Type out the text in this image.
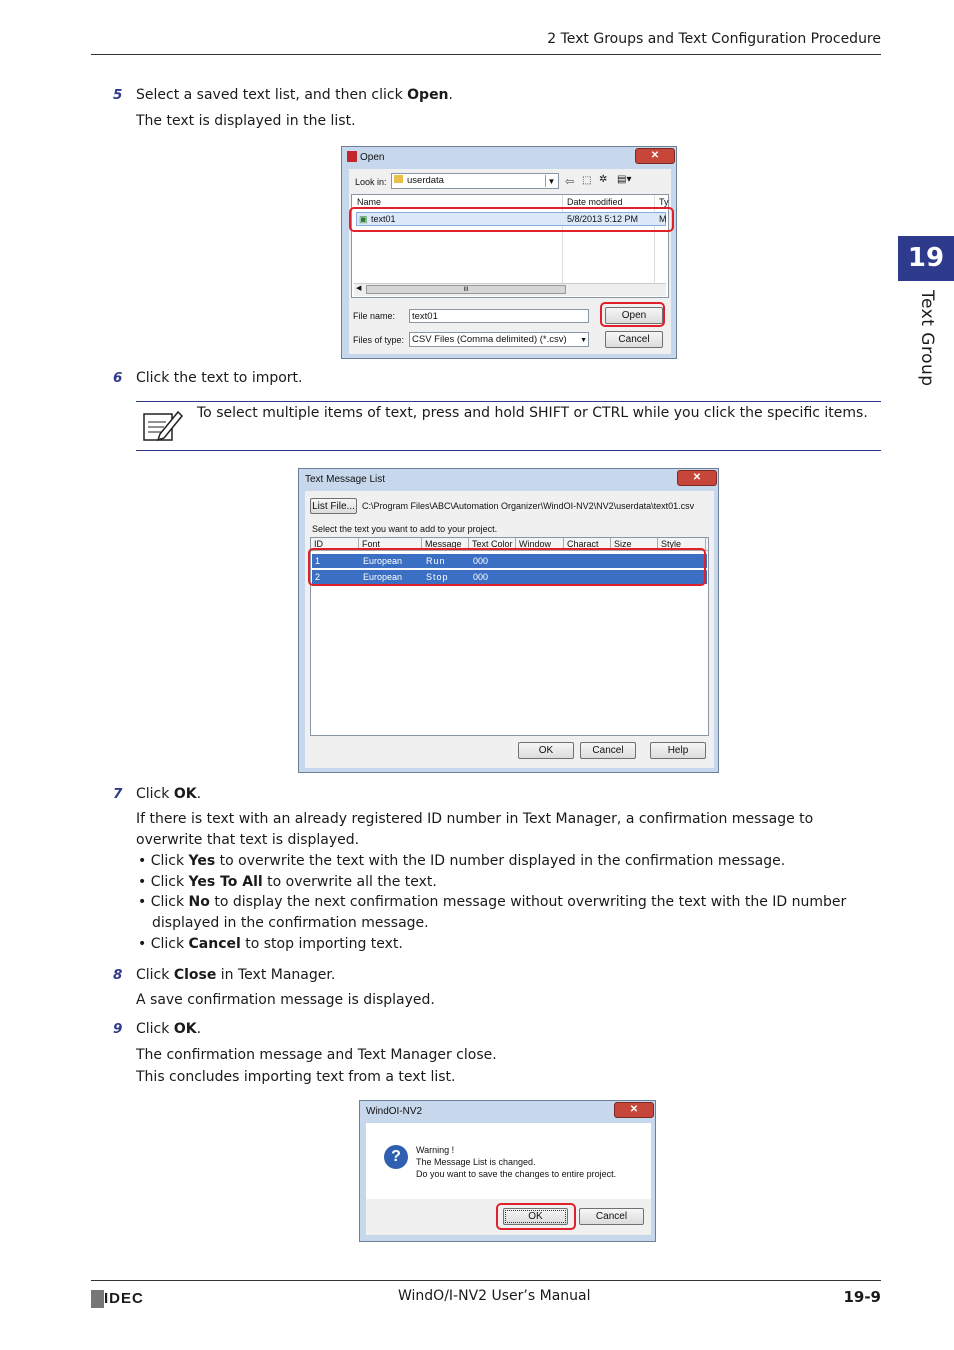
2 Text Groups and Text Configuration Procedure
19
Text Group
5 Select a saved text list, and then click Open.
The text is displayed in the list.
Open	✕
Look in:	userdata	▼ ⇦ ⬚ ✲ ▤▾
Name	Date modified	Ty
▣ text01	5/8/2013 5:12 PM M
◀	III
File name:	text01
Files of type: CSV Files (Comma delimited) (*.csv) ▼
Open
Cancel
6 Click the text to import.
To select multiple items of text, press and hold SHIFT or CTRL while you click the specific items.
Text Message List	✕
List File... C:\Program Files\ABC\Automation Organizer\WindOI-NV2\NV2\userdata\text01.csv
Select the text you want to add to your project.
ID	Font	Message	Text Color Window	Charact	Size	Style
1	European	Run	000
2	European	Stop	000
OK	Cancel	Help
7 Click OK.
If there is text with an already registered ID number in Text Manager, a confirmation message to overwrite that text is displayed.
• Click Yes to overwrite the text with the ID number displayed in the confirmation message.
• Click Yes To All to overwrite all the text.
• Click No to display the next confirmation message without overwriting the text with the ID number displayed in the confirmation message.
• Click Cancel to stop importing text.
8 Click Close in Text Manager.
A save confirmation message is displayed.
9 Click OK.
The confirmation message and Text Manager close.
This concludes importing text from a text list.
WindOI-NV2	✕
?	Warning !
The Message List is changed.
Do you want to save the changes to entire project.
OK	Cancel
IDEC	WindO/I-NV2 User’s Manual	19-9
